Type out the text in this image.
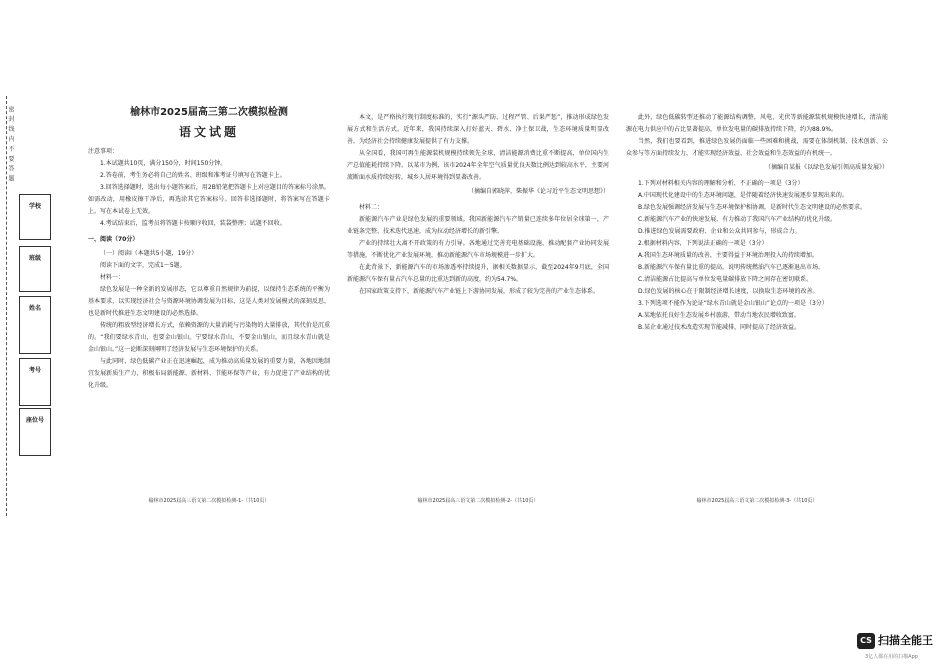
密 封 线 内 不 要 答 题
学校
班级
姓名
考号
座位号
榆林市2025届高三第二次模拟检测
语文试题

注意事项：

1.本试题共10页，满分150分，时间150分钟。

2.答卷前，考生务必将自己的姓名、班级和准考证号填写在答题卡上。

3.回答选择题时，选出每小题答案后，用2B铅笔把答题卡上对应题目的答案标号涂黑。如需改动，用橡皮擦干净后，再选涂其它答案标号。回答非选择题时，将答案写在答题卡上。写在本试卷上无效。

4.考试结束后，监考员将答题卡按顺序收回，装袋整理；试题不回收。

一、阅读（70分）

（一）阅读Ⅰ（本题共5小题，19分）

阅读下面的文字，完成1～5题。

材料一：

绿色发展是一种全新的发展形态，它以尊重自然规律为前提，以保持生态系统的平衡为基本要求，以实现经济社会与资源环境协调发展为目标，这是人类对发展模式的深刻反思，也是新时代推进生态文明建设的必然选择。

传统的粗放型经济增长方式，依赖资源的大量消耗与污染物的大量排放，其代价是沉重的。“我们要绿水青山，也要金山银山。宁要绿水青山，不要金山银山，而且绿水青山就是金山银山。”这一论断深刻阐明了经济发展与生态环境保护的关系。

与此同时，绿色低碳产业正在迅速崛起，成为推动高质量发展的重要力量，各地因地制宜发展新质生产力，积极布局新能源、新材料、节能环保等产业，有力促进了产业结构的优化升级。

榆林市2025届高三语文第二次模拟检测-1-（共10页）

本文，是严格执行现行制度标准的，实行“源头严防、过程严管、后果严惩”，推动形成绿色发展方式和生活方式。近年来，我国持续深入打好蓝天、碧水、净土保卫战，生态环境质量明显改善，为经济社会持续健康发展提供了有力支撑。

从全国看，我国可再生能源装机规模持续领先全球，清洁能源消费比重不断提高，单位国内生产总值能耗持续下降。以某市为例，该市2024年全年空气质量优良天数比例达到较高水平，主要河流断面水质持续好转，城乡人居环境得到显著改善。

（摘编自郭晓萍、柴振华《论习近平生态文明思想》）

材料二：

新能源汽车产业是绿色发展的重要领域。我国新能源汽车产销量已连续多年位居全球第一，产业链条完整、技术迭代迅速，成为拉动经济增长的新引擎。

产业的持续壮大离不开政策的有力引导。各地通过完善充电基础设施、推动配套产业协同发展等措施，不断优化产业发展环境，推动新能源汽车市场规模进一步扩大。

在此背景下，新能源汽车的市场渗透率持续提升，据相关数据显示，截至2024年9月底，全国新能源汽车保有量占汽车总量的比重达到新的高度，约为54.7%。

在国家政策支持下，新能源汽车产业链上下游协同发展，形成了较为完善的产业生态体系。

榆林市2025届高三语文第二次模拟检测-2-（共10页）

此外，绿色低碳转型还推动了能源结构调整，风电、光伏等新能源装机规模快速增长，清洁能源在电力供应中的占比显著提高，单位发电量的碳排放持续下降，约为88.9%。

当然，我们也要看到，推进绿色发展仍面临一些困难和挑战，需要在体制机制、技术创新、公众参与等方面持续发力，才能实现经济效益、社会效益和生态效益的有机统一。

（摘编自某报《以绿色发展引领高质量发展》）

1.下列对材料相关内容的理解和分析，不正确的一项是（3分）

A.中国现代化建设中的生态环境问题，是伴随着经济快速发展逐步显现出来的。

B.绿色发展强调经济发展与生态环境保护相协调，是新时代生态文明建设的必然要求。

C.新能源汽车产业的快速发展，有力推动了我国汽车产业结构的优化升级。

D.推进绿色发展需要政府、企业和公众共同参与，形成合力。

2.根据材料内容，下列说法正确的一项是（3分）

A.我国生态环境质量的改善，主要得益于环境治理投入的持续增加。

B.新能源汽车保有量比重的提高，说明传统燃油汽车已逐渐退出市场。

C.清洁能源占比提高与单位发电量碳排放下降之间存在密切联系。

D.绿色发展的核心在于限制经济增长速度，以换取生态环境的改善。

3.下列选项不能作为论证“绿水青山就是金山银山”论点的一项是（3分）

A.某地依托良好生态发展乡村旅游，带动当地农民增收致富。

B.某企业通过技术改造实现节能减排，同时提高了经济效益。

榆林市2025届高三语文第二次模拟检测-3-（共10页）
CS 扫描全能王
3亿人都在用的扫描App
